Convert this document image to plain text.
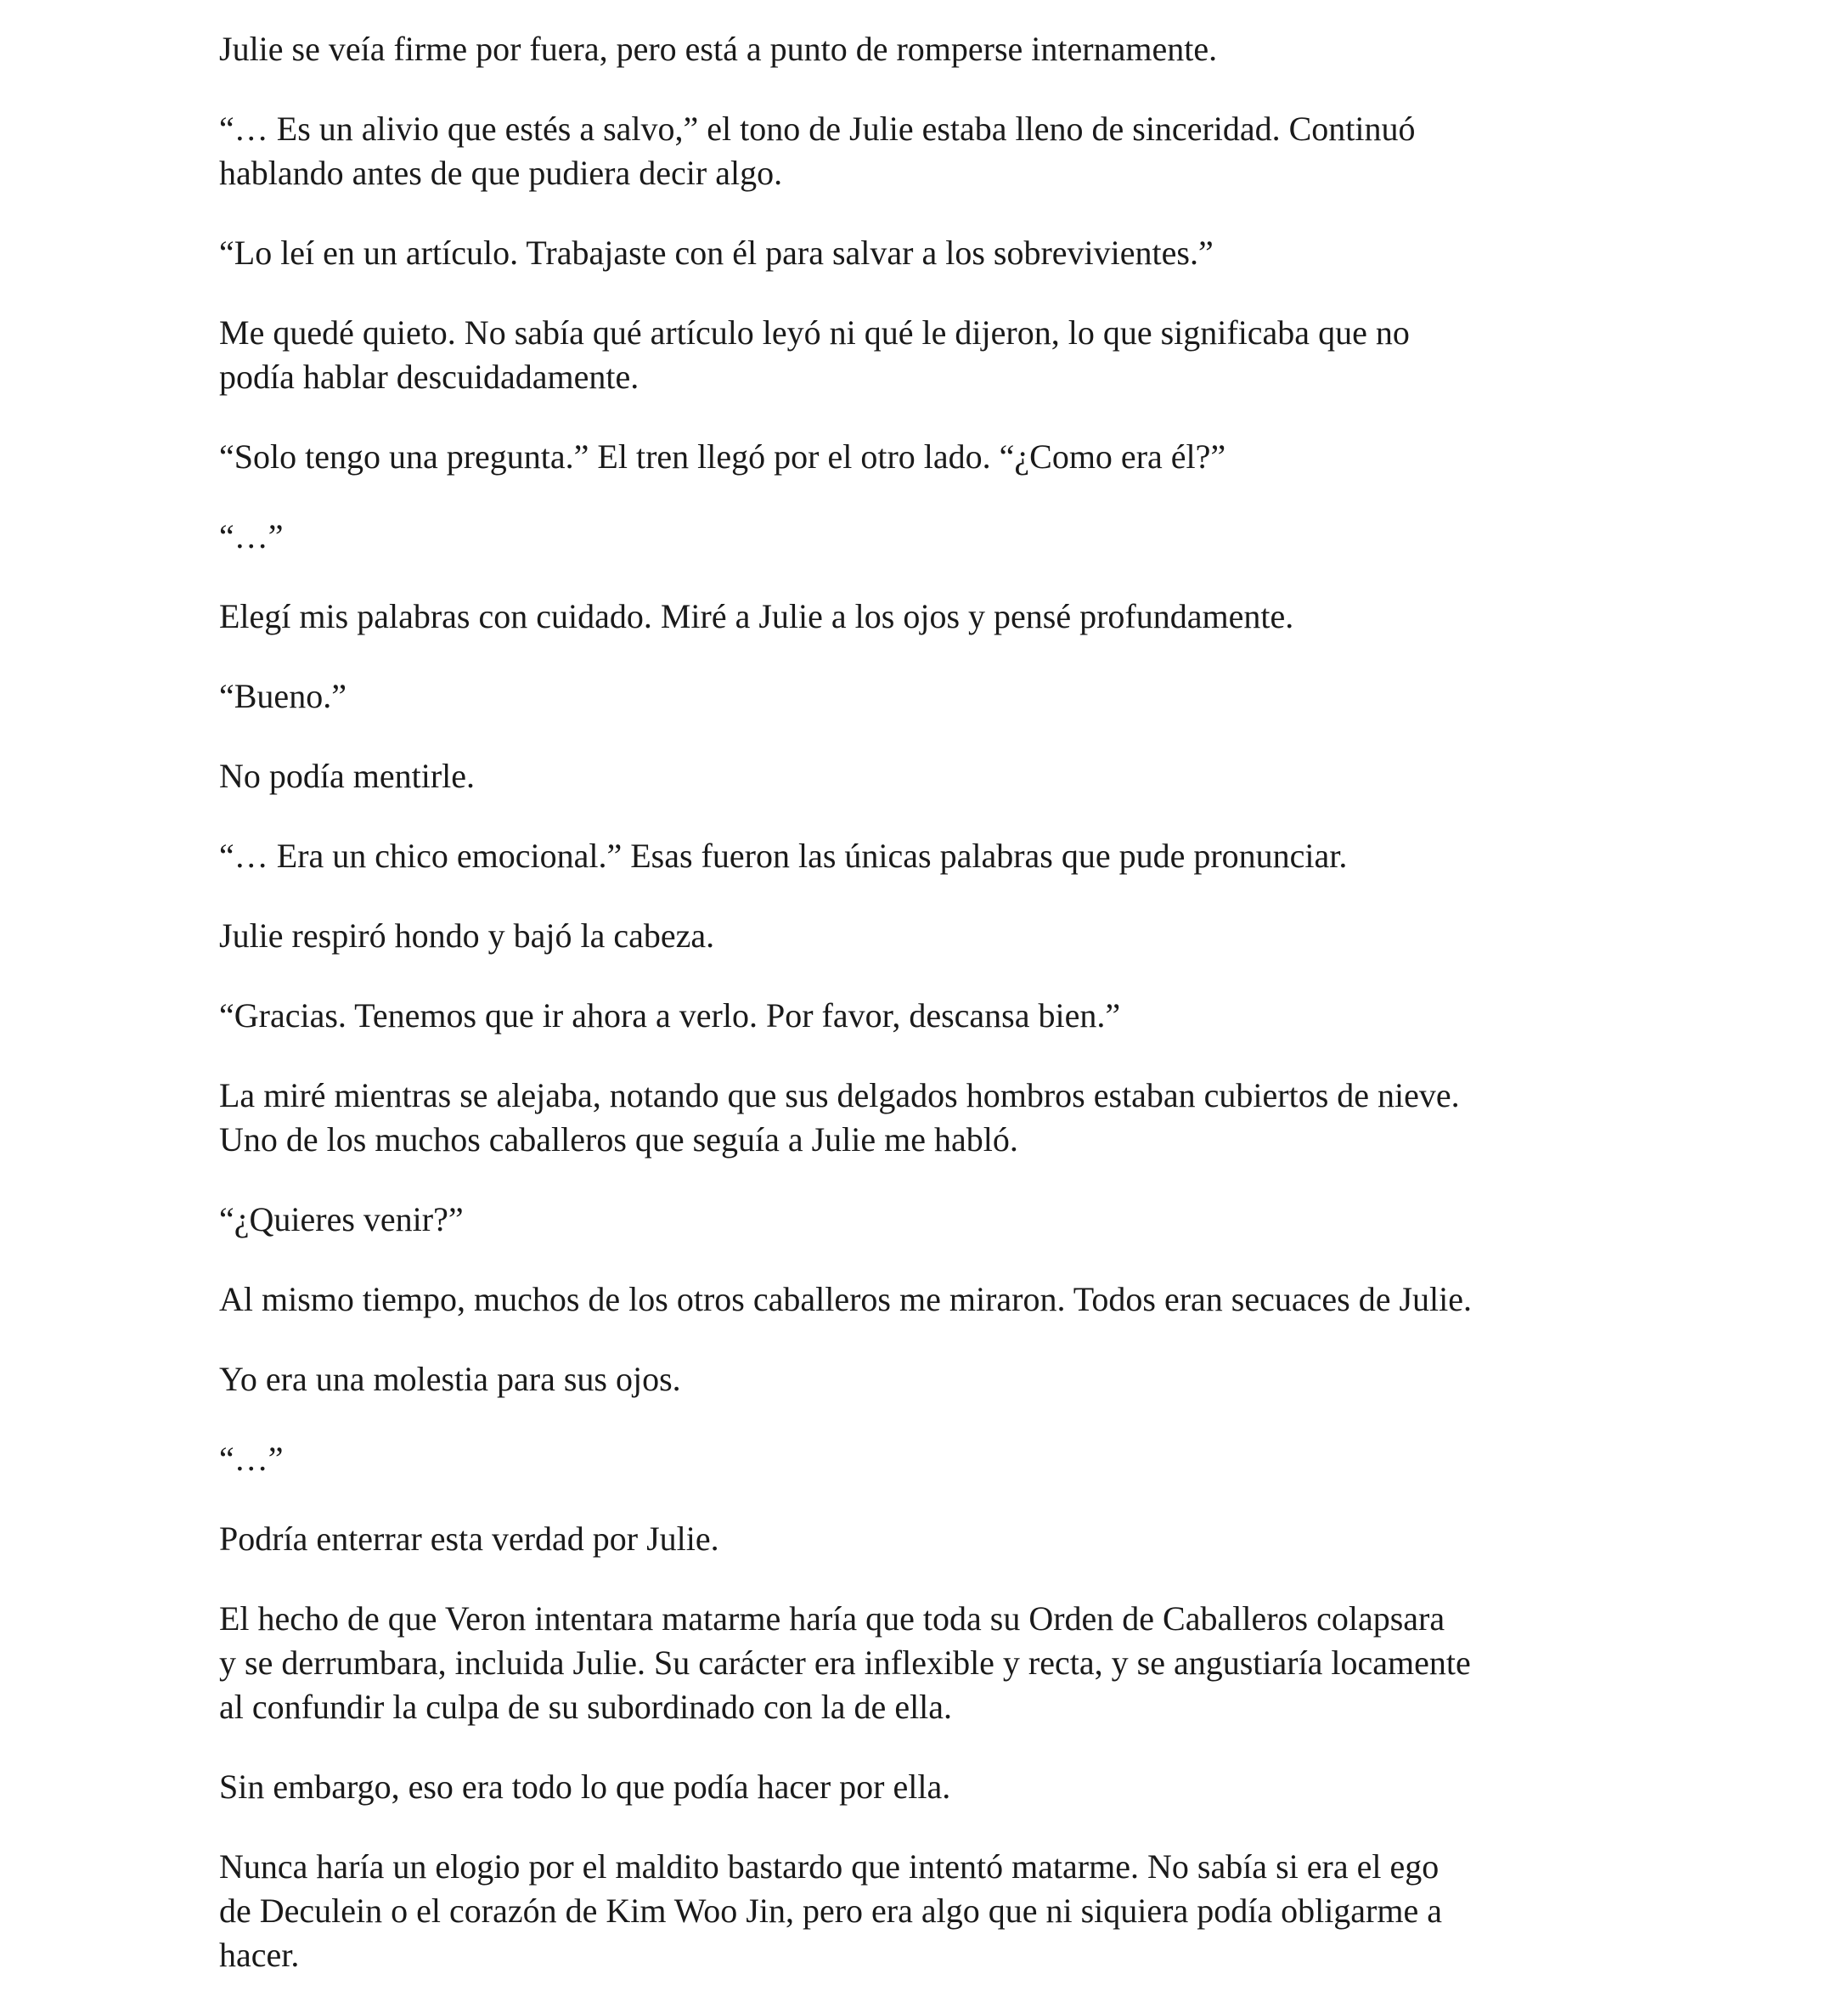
Julie se veía firme por fuera, pero está a punto de romperse internamente.

“… Es un alivio que estés a salvo,” el tono de Julie estaba lleno de sinceridad. Continuó
hablando antes de que pudiera decir algo.

“Lo leí en un artículo. Trabajaste con él para salvar a los sobrevivientes.”

Me quedé quieto. No sabía qué artículo leyó ni qué le dijeron, lo que significaba que no
podía hablar descuidadamente.

“Solo tengo una pregunta.” El tren llegó por el otro lado. “¿Como era él?”

“…”

Elegí mis palabras con cuidado. Miré a Julie a los ojos y pensé profundamente.

“Bueno.”

No podía mentirle.

“… Era un chico emocional.” Esas fueron las únicas palabras que pude pronunciar.

Julie respiró hondo y bajó la cabeza.

“Gracias. Tenemos que ir ahora a verlo. Por favor, descansa bien.”

La miré mientras se alejaba, notando que sus delgados hombros estaban cubiertos de nieve.
Uno de los muchos caballeros que seguía a Julie me habló.

“¿Quieres venir?”

Al mismo tiempo, muchos de los otros caballeros me miraron. Todos eran secuaces de Julie.

Yo era una molestia para sus ojos.

“…”

Podría enterrar esta verdad por Julie.

El hecho de que Veron intentara matarme haría que toda su Orden de Caballeros colapsara
y se derrumbara, incluida Julie. Su carácter era inflexible y recta, y se angustiaría locamente
al confundir la culpa de su subordinado con la de ella.

Sin embargo, eso era todo lo que podía hacer por ella.

Nunca haría un elogio por el maldito bastardo que intentó matarme. No sabía si era el ego
de Deculein o el corazón de Kim Woo Jin, pero era algo que ni siquiera podía obligarme a
hacer.
